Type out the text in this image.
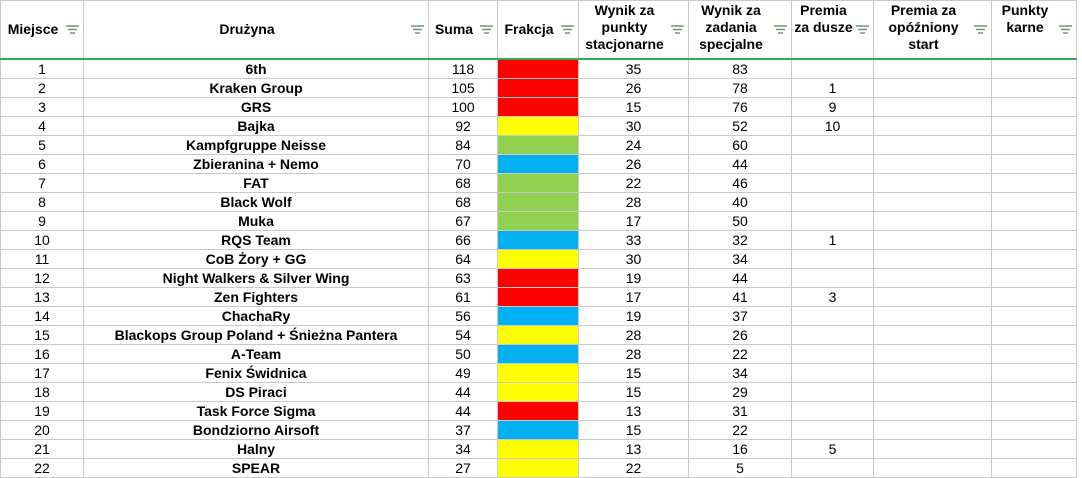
Miejsce	Drużyna	Suma	Frakcja	Wynik za punkty stacjonarne	Wynik za zadania specjalne	Premia za dusze	Premia za opóźniony start	Punkty karne

1	6th	118		35	83			
2	Kraken Group	105		26	78	1		
3	GRS	100		15	76	9		
4	Bajka	92		30	52	10		
5	Kampfgruppe Neisse	84		24	60			
6	Zbieranina + Nemo	70		26	44			
7	FAT	68		22	46			
8	Black Wolf	68		28	40			
9	Muka	67		17	50			
10	RQS Team	66		33	32	1		
11	CoB Żory + GG	64		30	34			
12	Night Walkers & Silver Wing	63		19	44			
13	Zen Fighters	61		17	41	3		
14	ChachaRy	56		19	37			
15	Blackops Group Poland + Śnieżna Pantera	54		28	26			
16	A-Team	50		28	22			
17	Fenix Świdnica	49		15	34			
18	DS Piraci	44		15	29			
19	Task Force Sigma	44		13	31			
20	Bondziorno Airsoft	37		15	22			
21	Halny	34		13	16	5		
22	SPEAR	27		22	5			
